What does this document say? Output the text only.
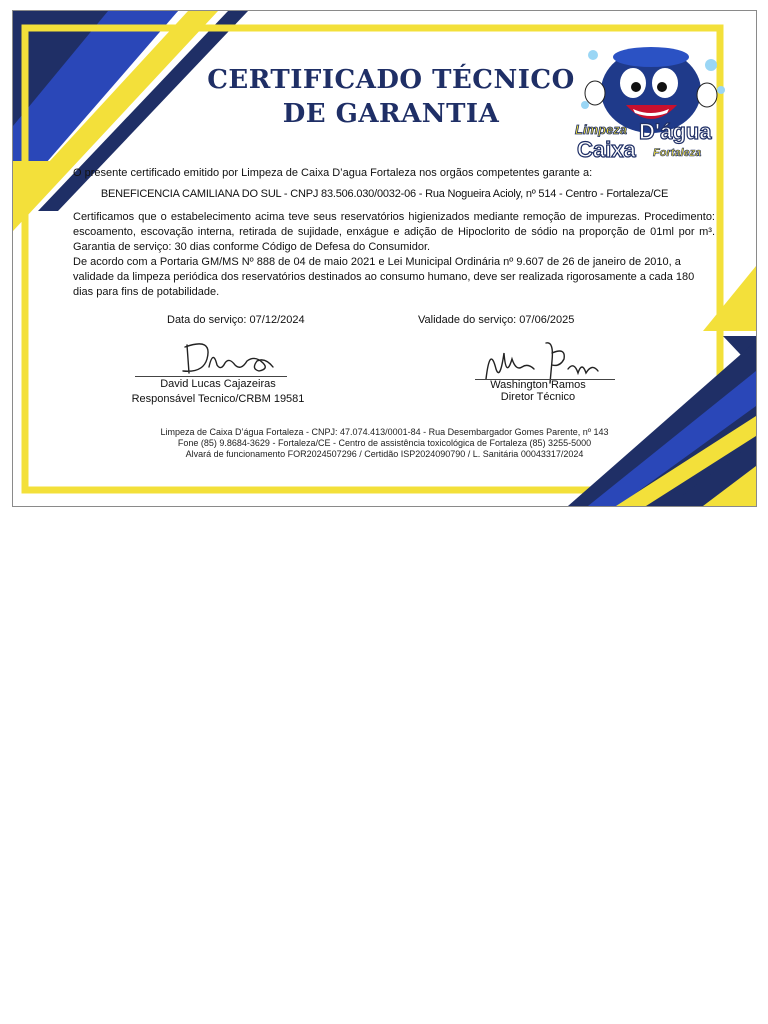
CERTIFICADO TÉCNICO
DE GARANTIA
Limpeza D'água
Caixa Fortaleza
O presente certificado emitido por Limpeza de Caixa D’agua Fortaleza nos orgãos competentes garante a:
BENEFICENCIA CAMILIANA DO SUL - CNPJ 83.506.030/0032-06 - Rua Nogueira Acioly, nº 514 - Centro - Fortaleza/CE

Certificamos que o estabelecimento acima teve seus reservatórios higienizados mediante remoção de impurezas. Procedimento: escoamento, escovação interna, retirada de sujidade, enxágue e adição de Hipoclorito de sódio na proporção de 01ml por m³. Garantia de serviço: 30 dias conforme Código de Defesa do Consumidor.

De acordo com a Portaria GM/MS Nº 888 de 04 de maio 2021 e Lei Municipal Ordinária nº 9.607 de 26 de janeiro de 2010, a validade da limpeza periódica dos reservatórios destinados ao consumo humano, deve ser realizada rigorosamente a cada 180 dias para fins de potabilidade.

Data do serviço: 07/12/2024	Validade do serviço: 07/06/2025
David Lucas Cajazeiras
Responsável Tecnico/CRBM 19581
Washington Ramos
Diretor Técnico
Limpeza de Caixa D’água Fortaleza - CNPJ: 47.074.413/0001-84 - Rua Desembargador Gomes Parente, nº 143
Fone (85) 9.8684-3629 - Fortaleza/CE - Centro de assistência toxicológica de Fortaleza (85) 3255-5000
Alvará de funcionamento FOR2024507296 / Certidão ISP2024090790 / L. Sanitária 00043317/2024
